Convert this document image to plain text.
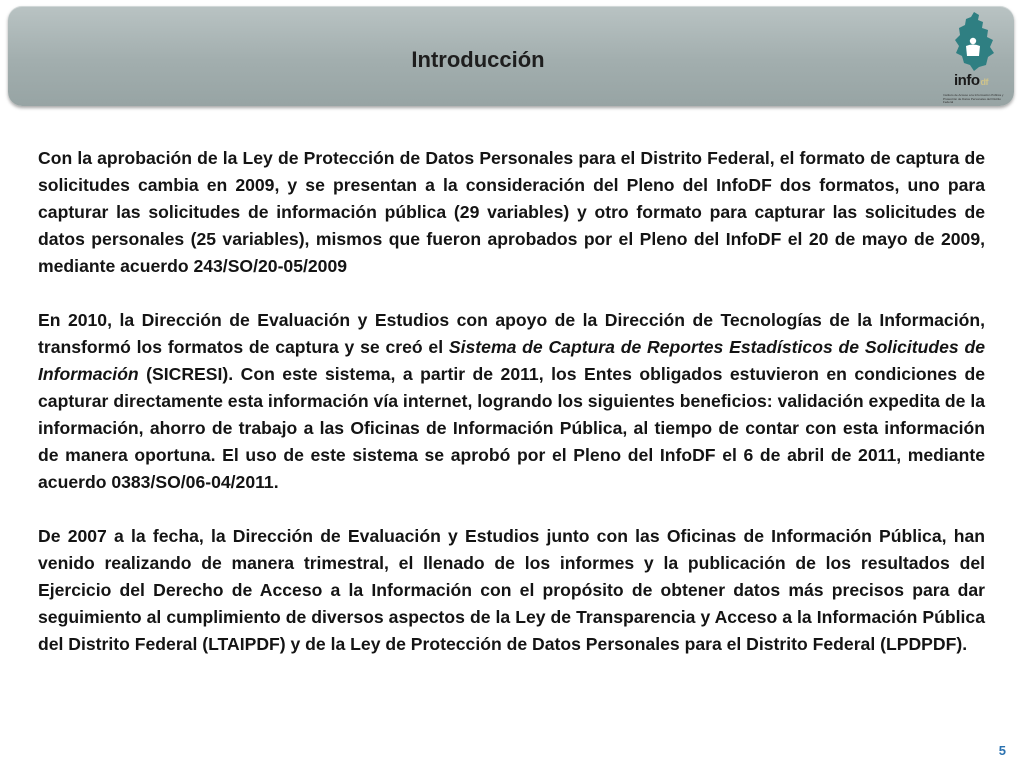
Introducción
infodf
Instituto de Acceso a la Información Pública y Protección de Datos Personales del Distrito Federal

Con la aprobación de la Ley de Protección de Datos Personales para el Distrito Federal, el formato de captura de solicitudes cambia en 2009, y se presentan a la consideración del Pleno del InfoDF dos formatos, uno para capturar las solicitudes de información pública (29 variables) y otro formato para capturar las solicitudes de datos personales (25 variables), mismos que fueron aprobados por el Pleno del InfoDF el 20 de mayo de 2009, mediante acuerdo 243/SO/20-05/2009

En 2010, la Dirección de Evaluación y Estudios con apoyo de la Dirección de Tecnologías de la Información, transformó los formatos de captura y se creó el Sistema de Captura de Reportes Estadísticos de Solicitudes de Información (SICRESI). Con este sistema, a partir de 2011, los Entes obligados estuvieron en condiciones de capturar directamente esta información vía internet, logrando los siguientes beneficios: validación expedita de la información, ahorro de trabajo a las Oficinas de Información Pública, al tiempo de contar con esta información de manera oportuna. El uso de este sistema se aprobó por el Pleno del InfoDF el 6 de abril de 2011, mediante acuerdo 0383/SO/06-04/2011.

De 2007 a la fecha, la Dirección de Evaluación y Estudios junto con las Oficinas de Información Pública, han venido realizando de manera trimestral, el llenado de los informes y la publicación de los resultados del Ejercicio del Derecho de Acceso a la Información con el propósito de obtener datos más precisos para dar seguimiento al cumplimiento de diversos aspectos de la Ley de Transparencia y Acceso a la Información Pública del Distrito Federal (LTAIPDF) y de la Ley de Protección de Datos Personales para el Distrito Federal (LPDPDF).

5
